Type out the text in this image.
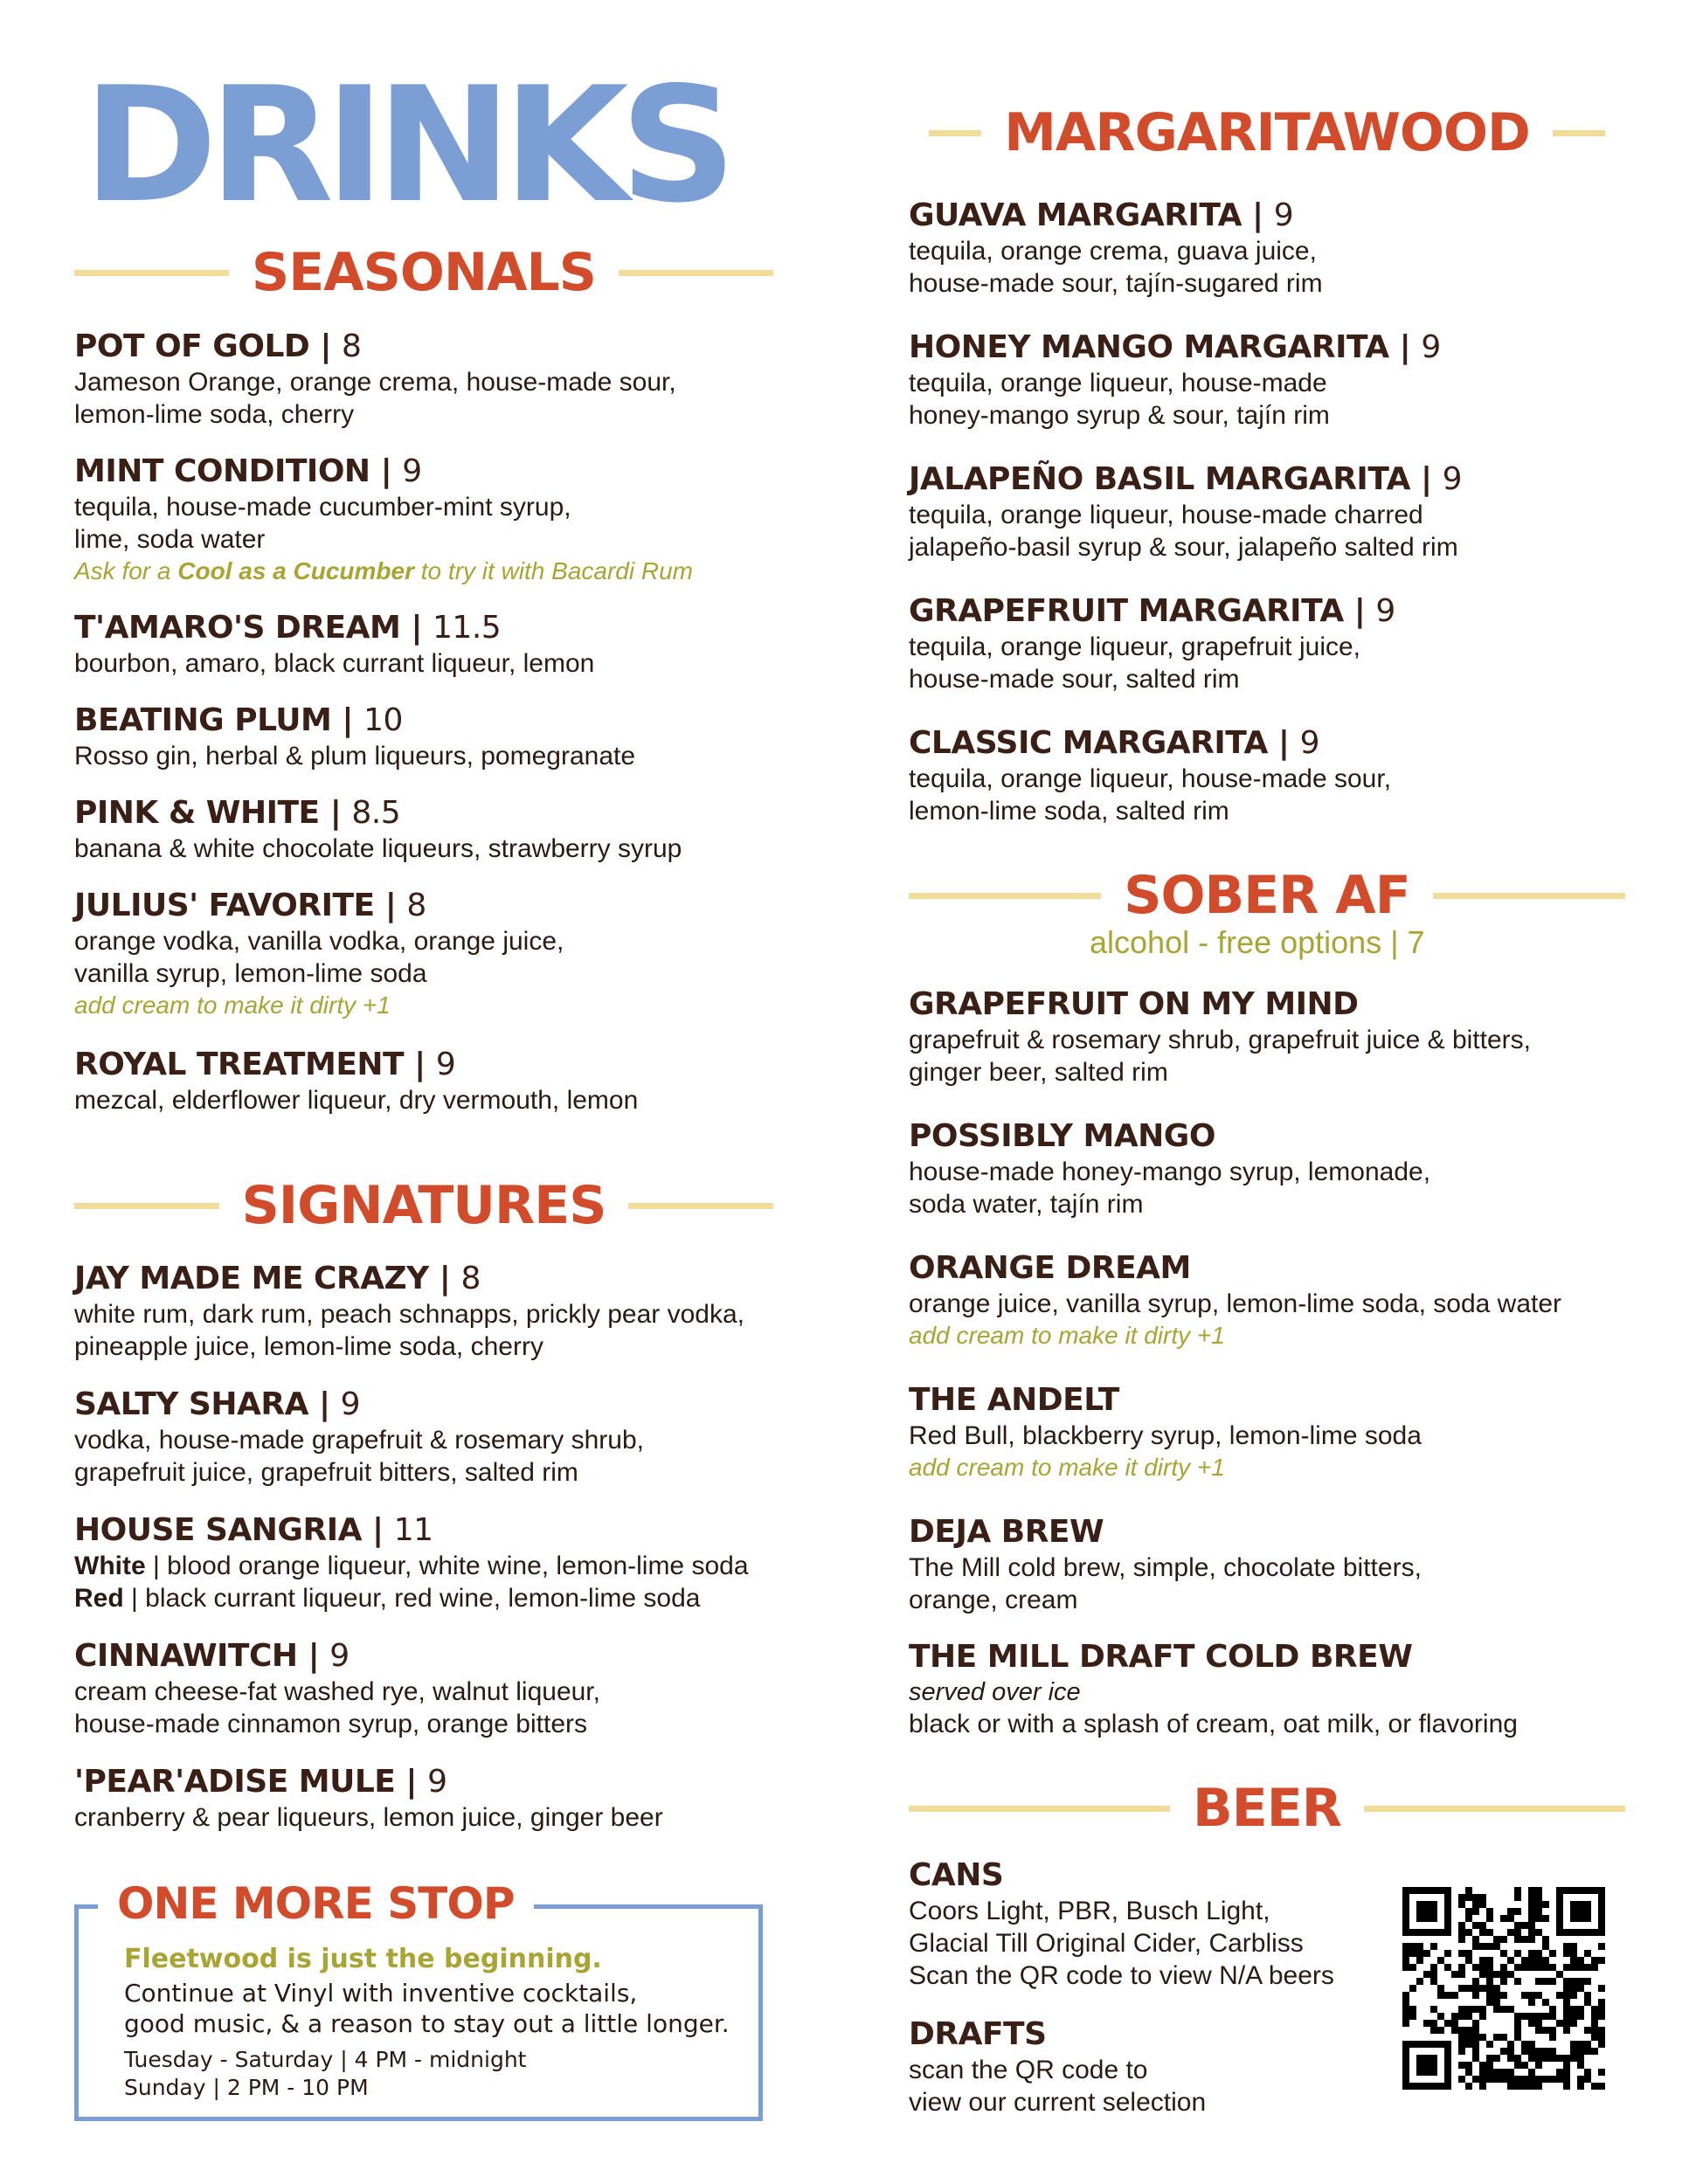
DRINKS
SEASONALS
POT OF GOLD | 8
Jameson Orange, orange crema, house-made sour,
lemon-lime soda, cherry
MINT CONDITION | 9
tequila, house-made cucumber-mint syrup,
lime, soda water
Ask for a Cool as a Cucumber to try it with Bacardi Rum
T'AMARO'S DREAM | 11.5
bourbon, amaro, black currant liqueur, lemon
BEATING PLUM | 10
Rosso gin, herbal & plum liqueurs, pomegranate
PINK & WHITE | 8.5
banana & white chocolate liqueurs, strawberry syrup
JULIUS' FAVORITE | 8
orange vodka, vanilla vodka, orange juice,
vanilla syrup, lemon-lime soda
add cream to make it dirty +1
ROYAL TREATMENT | 9
mezcal, elderflower liqueur, dry vermouth, lemon
JAY MADE ME CRAZY | 8
white rum, dark rum, peach schnapps, prickly pear vodka,
pineapple juice, lemon-lime soda, cherry
SALTY SHARA | 9
vodka, house-made grapefruit & rosemary shrub,
grapefruit juice, grapefruit bitters, salted rim
HOUSE SANGRIA | 11
White | blood orange liqueur, white wine, lemon-lime soda
Red | black currant liqueur, red wine, lemon-lime soda
CINNAWITCH | 9
cream cheese-fat washed rye, walnut liqueur,
house-made cinnamon syrup, orange bitters
'PEAR'ADISE MULE | 9
cranberry & pear liqueurs, lemon juice, ginger beer
SIGNATURES
ONE MORE STOP
Fleetwood is just the beginning.
Continue at Vinyl with inventive cocktails,
good music, & a reason to stay out a little longer.
Tuesday - Saturday | 4 PM - midnight
Sunday | 2 PM - 10 PM
MARGARITAWOOD
GUAVA MARGARITA | 9
tequila, orange crema, guava juice,
house-made sour, tajín-sugared rim
HONEY MANGO MARGARITA | 9
tequila, orange liqueur, house-made
honey-mango syrup & sour, tajín rim
JALAPEÑO BASIL MARGARITA | 9
tequila, orange liqueur, house-made charred
jalapeño-basil syrup & sour, jalapeño salted rim
GRAPEFRUIT MARGARITA | 9
tequila, orange liqueur, grapefruit juice,
house-made sour, salted rim
CLASSIC MARGARITA | 9
tequila, orange liqueur, house-made sour,
lemon-lime soda, salted rim
GRAPEFRUIT ON MY MIND
grapefruit & rosemary shrub, grapefruit juice & bitters,
ginger beer, salted rim
POSSIBLY MANGO
house-made honey-mango syrup, lemonade,
soda water, tajín rim
ORANGE DREAM
orange juice, vanilla syrup, lemon-lime soda, soda water
add cream to make it dirty +1
THE ANDELT
Red Bull, blackberry syrup, lemon-lime soda
add cream to make it dirty +1
DEJA BREW
The Mill cold brew, simple, chocolate bitters,
orange, cream
THE MILL DRAFT COLD BREW
served over ice
black or with a splash of cream, oat milk, or flavoring
CANS
Coors Light, PBR, Busch Light,
Glacial Till Original Cider, Carbliss
Scan the QR code to view N/A beers
DRAFTS
scan the QR code to
view our current selection
SOBER AF
alcohol - free options | 7
BEER
